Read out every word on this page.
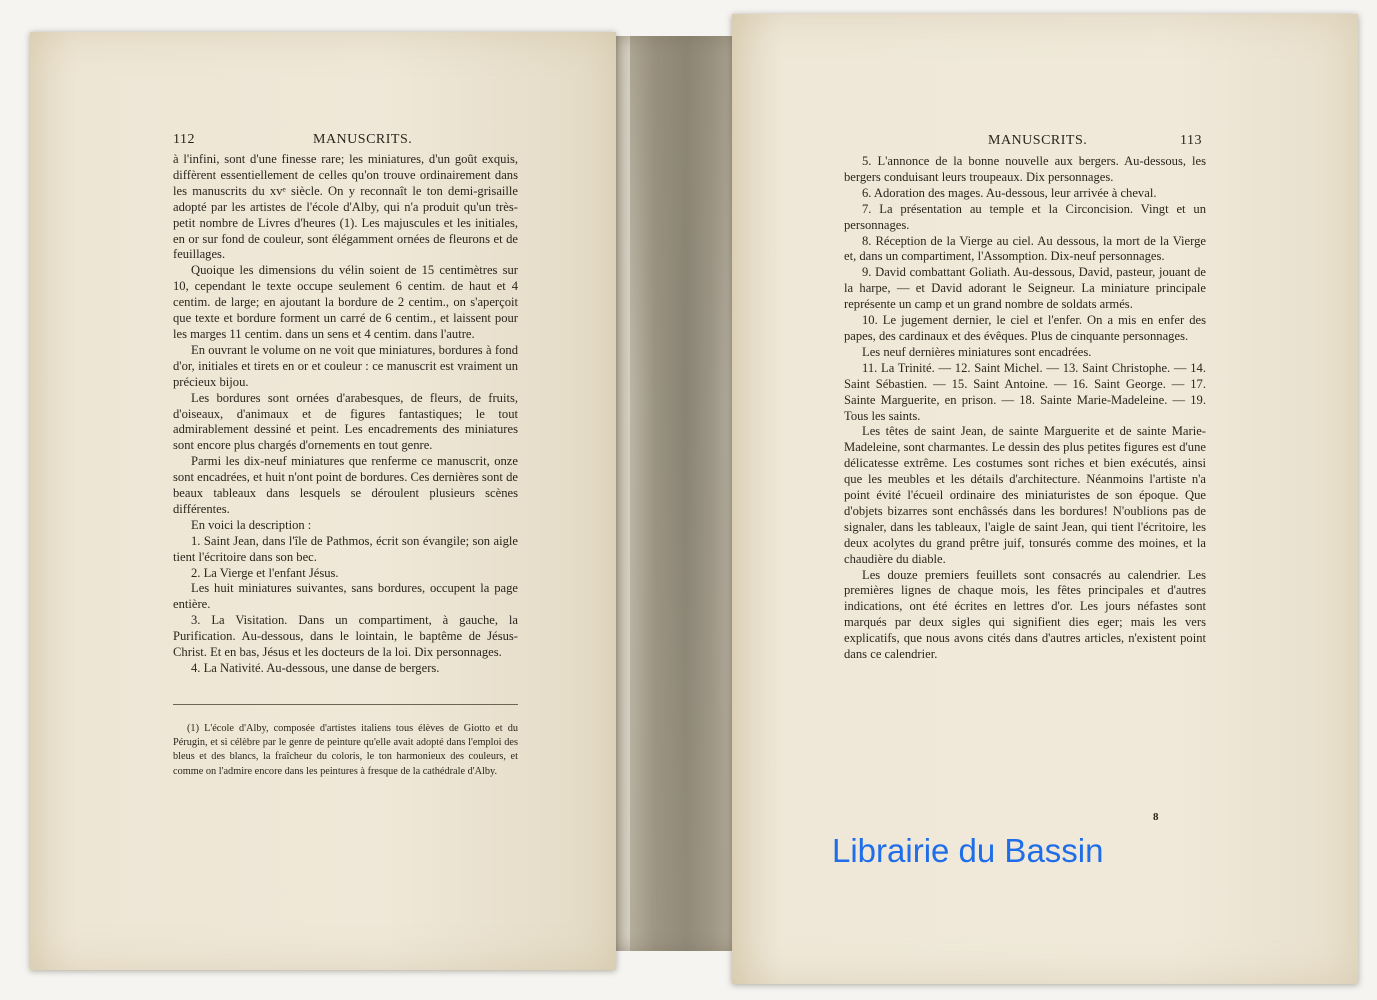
112	MANUSCRITS.

à l'infini, sont d'une finesse rare; les miniatures, d'un goût exquis, diffèrent essentiellement de celles qu'on trouve ordinairement dans les manuscrits du xvᵉ siècle. On y reconnaît le ton demi-grisaille adopté par les artistes de l'école d'Alby, qui n'a produit qu'un très-petit nombre de Livres d'heures (1). Les majuscules et les initiales, en or sur fond de couleur, sont élégamment ornées de fleurons et de feuillages.

Quoique les dimensions du vélin soient de 15 centimètres sur 10, cependant le texte occupe seulement 6 centim. de haut et 4 centim. de large; en ajoutant la bordure de 2 centim., on s'aperçoit que texte et bordure forment un carré de 6 centim., et laissent pour les marges 11 centim. dans un sens et 4 centim. dans l'autre.

En ouvrant le volume on ne voit que miniatures, bordures à fond d'or, initiales et tirets en or et couleur : ce manuscrit est vraiment un précieux bijou.

Les bordures sont ornées d'arabesques, de fleurs, de fruits, d'oiseaux, d'animaux et de figures fantastiques; le tout admirablement dessiné et peint. Les encadrements des miniatures sont encore plus chargés d'ornements en tout genre.

Parmi les dix-neuf miniatures que renferme ce manuscrit, onze sont encadrées, et huit n'ont point de bordures. Ces dernières sont de beaux tableaux dans lesquels se déroulent plusieurs scènes différentes.

En voici la description :

1. Saint Jean, dans l'île de Pathmos, écrit son évangile; son aigle tient l'écritoire dans son bec.

2. La Vierge et l'enfant Jésus.

Les huit miniatures suivantes, sans bordures, occupent la page entière.

3. La Visitation. Dans un compartiment, à gauche, la Purification. Au-dessous, dans le lointain, le baptême de Jésus-Christ. Et en bas, Jésus et les docteurs de la loi. Dix personnages.

4. La Nativité. Au-dessous, une danse de bergers.

(1) L'école d'Alby, composée d'artistes italiens tous élèves de Giotto et du Pérugin, et si célèbre par le genre de peinture qu'elle avait adopté dans l'emploi des bleus et des blancs, la fraîcheur du coloris, le ton harmonieux des couleurs, et comme on l'admire encore dans les peintures à fresque de la cathédrale d'Alby.

MANUSCRITS.	113

5. L'annonce de la bonne nouvelle aux bergers. Au-dessous, les bergers conduisant leurs troupeaux. Dix personnages.

6. Adoration des mages. Au-dessous, leur arrivée à cheval.

7. La présentation au temple et la Circoncision. Vingt et un personnages.

8. Réception de la Vierge au ciel. Au dessous, la mort de la Vierge et, dans un compartiment, l'Assomption. Dix-neuf personnages.

9. David combattant Goliath. Au-dessous, David, pasteur, jouant de la harpe, — et David adorant le Seigneur. La miniature principale représente un camp et un grand nombre de soldats armés.

10. Le jugement dernier, le ciel et l'enfer. On a mis en enfer des papes, des cardinaux et des évêques. Plus de cinquante personnages.

Les neuf dernières miniatures sont encadrées.

11. La Trinité. — 12. Saint Michel. — 13. Saint Christophe. — 14. Saint Sébastien. — 15. Saint Antoine. — 16. Saint George. — 17. Sainte Marguerite, en prison. — 18. Sainte Marie-Madeleine. — 19. Tous les saints.

Les têtes de saint Jean, de sainte Marguerite et de sainte Marie-Madeleine, sont charmantes. Le dessin des plus petites figures est d'une délicatesse extrême. Les costumes sont riches et bien exécutés, ainsi que les meubles et les détails d'architecture. Néanmoins l'artiste n'a point évité l'écueil ordinaire des miniaturistes de son époque. Que d'objets bizarres sont enchâssés dans les bordures! N'oublions pas de signaler, dans les tableaux, l'aigle de saint Jean, qui tient l'écritoire, les deux acolytes du grand prêtre juif, tonsurés comme des moines, et la chaudière du diable.

Les douze premiers feuillets sont consacrés au calendrier. Les premières lignes de chaque mois, les fêtes principales et d'autres indications, ont été écrites en lettres d'or. Les jours néfastes sont marqués par deux sigles qui signifient dies eger; mais les vers explicatifs, que nous avons cités dans d'autres articles, n'existent point dans ce calendrier.

8
Librairie du Bassin
